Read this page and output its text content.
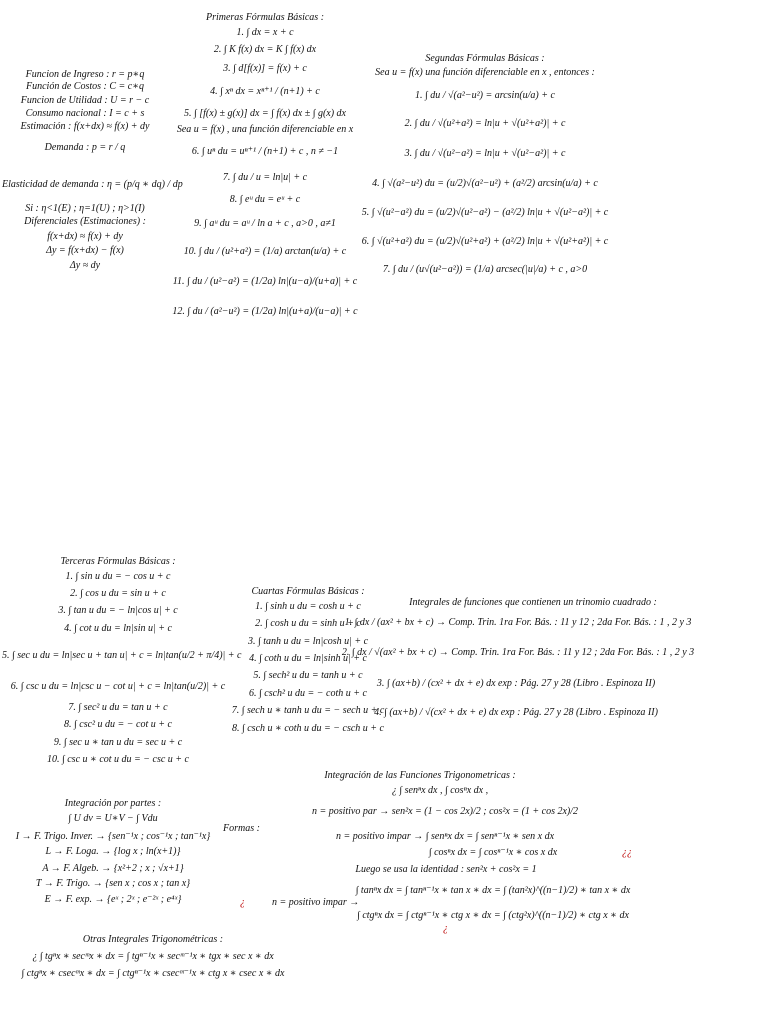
Funcion de Ingreso : r = p∗q
Función de Costos : C = c∗q
Funcion de Utilidad : U = r − c
Consumo nacional : I = c + s
Estimación : f(x+dx) ≈ f(x) + dy
Demanda : p = r / q
Elasticidad de demanda : η = (p/q ∗ dq) / dp
Si : η<1(E) ; η=1(U) ; η>1(I)
Diferenciales (Estimaciones) :
f(x+dx) ≈ f(x) + dy
Δy = f(x+dx) − f(x)
Δy ≈ dy
Primeras Fórmulas Básicas :
1. ∫ dx = x + c
2. ∫ K f(x) dx = K ∫ f(x) dx
3. ∫ d[f(x)] = f(x) + c
4. ∫ xⁿ dx = xⁿ⁺¹ / (n+1) + c
5. ∫ [f(x) ± g(x)] dx = ∫ f(x) dx ± ∫ g(x) dx
Sea u = f(x) , una función diferenciable en x
6. ∫ uⁿ du = uⁿ⁺¹ / (n+1) + c , n ≠ −1
7. ∫ du / u = ln|u| + c
8. ∫ eᵘ du = eᵘ + c
9. ∫ aᵘ du = aᵘ / ln a + c , a>0 , a≠1
10. ∫ du / (u²+a²) = (1/a) arctan(u/a) + c
11. ∫ du / (u²−a²) = (1/2a) ln|(u−a)/(u+a)| + c
12. ∫ du / (a²−u²) = (1/2a) ln|(u+a)/(u−a)| + c
Segundas Fórmulas Básicas :
Sea u = f(x) una función diferenciable en x , entonces :
1. ∫ du / √(a²−u²) = arcsin(u/a) + c
2. ∫ du / √(u²+a²) = ln|u + √(u²+a²)| + c
3. ∫ du / √(u²−a²) = ln|u + √(u²−a²)| + c
4. ∫ √(a²−u²) du = (u/2)√(a²−u²) + (a²/2) arcsin(u/a) + c
5. ∫ √(u²−a²) du = (u/2)√(u²−a²) − (a²/2) ln|u + √(u²−a²)| + c
6. ∫ √(u²+a²) du = (u/2)√(u²+a²) + (a²/2) ln|u + √(u²+a²)| + c
7. ∫ du / (u√(u²−a²)) = (1/a) arcsec(|u|/a) + c , a>0
Terceras Fórmulas Básicas :
1. ∫ sin u du = − cos u + c
2. ∫ cos u du = sin u + c
3. ∫ tan u du = − ln|cos u| + c
4. ∫ cot u du = ln|sin u| + c
5. ∫ sec u du = ln|sec u + tan u| + c = ln|tan(u/2 + π/4)| + c
6. ∫ csc u du = ln|csc u − cot u| + c = ln|tan(u/2)| + c
7. ∫ sec² u du = tan u + c
8. ∫ csc² u du = − cot u + c
9. ∫ sec u ∗ tan u du = sec u + c
10. ∫ csc u ∗ cot u du = − csc u + c
Cuartas Fórmulas Básicas :
1. ∫ sinh u du = cosh u + c
2. ∫ cosh u du = sinh u + c
3. ∫ tanh u du = ln|cosh u| + c
4. ∫ coth u du = ln|sinh u| + c
5. ∫ sech² u du = tanh u + c
6. ∫ csch² u du = − coth u + c
7. ∫ sech u ∗ tanh u du = − sech u + c
8. ∫ csch u ∗ coth u du = − csch u + c
Integrales de funciones que contienen un trinomio cuadrado :
1. ∫ dx / (ax² + bx + c) → Comp. Trin. 1ra For. Bás. : 11 y 12 ; 2da For. Bás. : 1 , 2 y 3
2. ∫ dx / √(ax² + bx + c) → Comp. Trin. 1ra For. Bás. : 11 y 12 ; 2da For. Bás. : 1 , 2 y 3
3. ∫ (ax+b) / (cx² + dx + e) dx exp : Pág. 27 y 28 (Libro . Espinoza II)
4. ∫ (ax+b) / √(cx² + dx + e) dx exp : Pág. 27 y 28 (Libro . Espinoza II)
Integración por partes :
∫ U dv = U∗V − ∫ Vdu
I → F. Trigo. Inver. → {sen⁻¹x ; cos⁻¹x ; tan⁻¹x}
L → F. Loga. → {log x ; ln(x+1)}
A → F. Algeb. → {x²+2 ; x ; √x+1}
T → F. Trigo. → {sen x ; cos x ; tan x}
E → F. exp. → {eˣ ; 2ˣ ; e⁻²ˣ ; e⁴ˣ}
Formas :
¿
Integración de las Funciones Trigonometricas :
¿ ∫ senⁿx dx , ∫ cosⁿx dx ,
n = positivo par → sen²x = (1 − cos 2x)/2 ; cos²x = (1 + cos 2x)/2
n = positivo impar → ∫ senⁿx dx = ∫ senⁿ⁻¹x ∗ sen x dx
∫ cosⁿx dx = ∫ cosⁿ⁻¹x ∗ cos x dx
Luego se usa la identidad : sen²x + cos²x = 1
∫ tanⁿx dx = ∫ tanⁿ⁻¹x ∗ tan x ∗ dx = ∫ (tan²x)^((n−1)/2) ∗ tan x ∗ dx
n = positivo impar →
∫ ctgⁿx dx = ∫ ctgⁿ⁻¹x ∗ ctg x ∗ dx = ∫ (ctg²x)^((n−1)/2) ∗ ctg x ∗ dx
¿¿
¿
Otras Integrales Trigonométricas :
¿ ∫ tgⁿx ∗ secᵐx ∗ dx = ∫ tgⁿ⁻¹x ∗ secᵐ⁻¹x ∗ tgx ∗ sec x ∗ dx
∫ ctgⁿx ∗ csecᵐx ∗ dx = ∫ ctgⁿ⁻¹x ∗ csecᵐ⁻¹x ∗ ctg x ∗ csec x ∗ dx
